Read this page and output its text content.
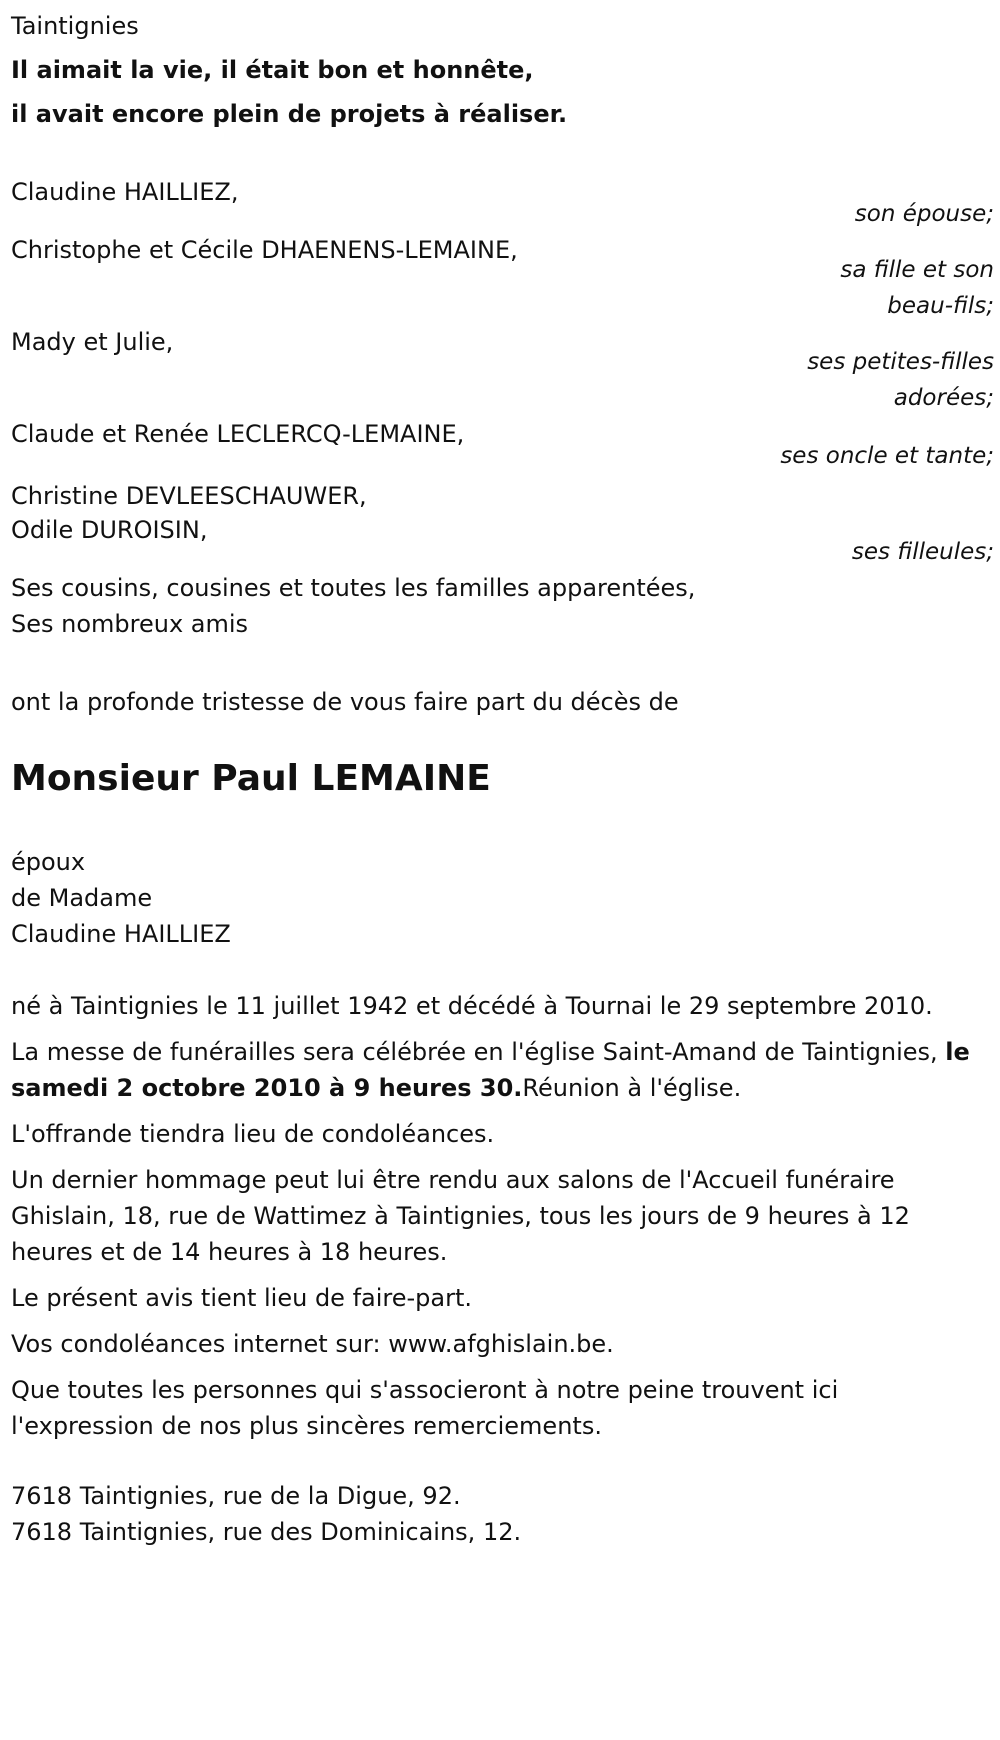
Taintignies
Il aimait la vie, il était bon et honnête,
il avait encore plein de projets à réaliser.
Claudine HAILLIEZ,
son épouse;
Christophe et Cécile DHAENENS-LEMAINE,
sa fille et son beau-fils;
Mady et Julie,
ses petites-filles adorées;
Claude et Renée LECLERCQ-LEMAINE,
ses oncle et tante;
Christine DEVLEESCHAUWER,
Odile DUROISIN,
ses filleules;
Ses cousins, cousines et toutes les familles apparentées,
Ses nombreux amis
ont la profonde tristesse de vous faire part du décès de
Monsieur Paul LEMAINE
époux
de Madame
Claudine HAILLIEZ
né à Taintignies le 11 juillet 1942 et décédé à Tournai le 29 septembre 2010.
La messe de funérailles sera célébrée en l'église Saint-Amand de Taintignies, le samedi 2 octobre 2010 à 9 heures 30.Réunion à l'église.
L'offrande tiendra lieu de condoléances.
Un dernier hommage peut lui être rendu aux salons de l'Accueil funéraire Ghislain, 18, rue de Wattimez à Taintignies, tous les jours de 9 heures à 12 heures et de 14 heures à 18 heures.
Le présent avis tient lieu de faire-part.
Vos condoléances internet sur: www.afghislain.be.
Que toutes les personnes qui s'associeront à notre peine trouvent ici l'expression de nos plus sincères remerciements.
7618 Taintignies, rue de la Digue, 92.
7618 Taintignies, rue des Dominicains, 12.
